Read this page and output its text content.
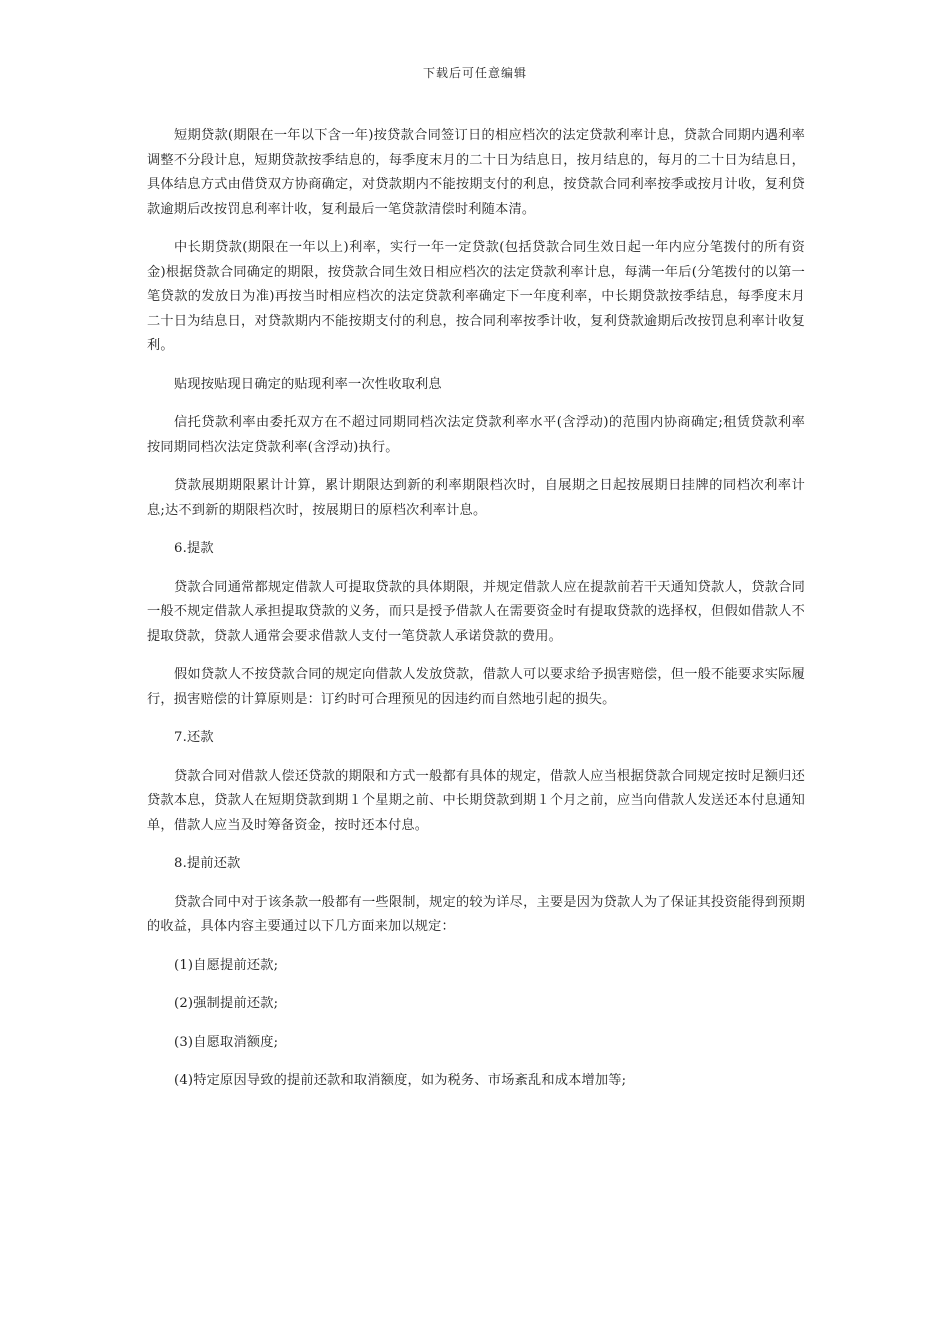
下载后可任意编辑

短期贷款(期限在一年以下含一年)按贷款合同签订日的相应档次的法定贷款利率计息，贷款合同期内遇利率调整不分段计息，短期贷款按季结息的，每季度末月的二十日为结息日，按月结息的，每月的二十日为结息日，具体结息方式由借贷双方协商确定，对贷款期内不能按期支付的利息，按贷款合同利率按季或按月计收，复利贷款逾期后改按罚息利率计收，复利最后一笔贷款清偿时利随本清。

中长期贷款(期限在一年以上)利率，实行一年一定贷款(包括贷款合同生效日起一年内应分笔拨付的所有资金)根据贷款合同确定的期限，按贷款合同生效日相应档次的法定贷款利率计息，每满一年后(分笔拨付的以第一笔贷款的发放日为准)再按当时相应档次的法定贷款利率确定下一年度利率，中长期贷款按季结息，每季度末月二十日为结息日，对贷款期内不能按期支付的利息，按合同利率按季计收，复利贷款逾期后改按罚息利率计收复利。

贴现按贴现日确定的贴现利率一次性收取利息

信托贷款利率由委托双方在不超过同期同档次法定贷款利率水平(含浮动)的范围内协商确定;租赁贷款利率按同期同档次法定贷款利率(含浮动)执行。

贷款展期期限累计计算，累计期限达到新的利率期限档次时，自展期之日起按展期日挂牌的同档次利率计息;达不到新的期限档次时，按展期日的原档次利率计息。

6.提款

贷款合同通常都规定借款人可提取贷款的具体期限，并规定借款人应在提款前若干天通知贷款人，贷款合同一般不规定借款人承担提取贷款的义务，而只是授予借款人在需要资金时有提取贷款的选择权，但假如借款人不提取贷款，贷款人通常会要求借款人支付一笔贷款人承诺贷款的费用。

假如贷款人不按贷款合同的规定向借款人发放贷款，借款人可以要求给予损害赔偿，但一般不能要求实际履行，损害赔偿的计算原则是：订约时可合理预见的因违约而自然地引起的损失。

7.还款

贷款合同对借款人偿还贷款的期限和方式一般都有具体的规定，借款人应当根据贷款合同规定按时足额归还贷款本息，贷款人在短期贷款到期１个星期之前、中长期贷款到期１个月之前，应当向借款人发送还本付息通知单，借款人应当及时筹备资金，按时还本付息。

8.提前还款

贷款合同中对于该条款一般都有一些限制，规定的较为详尽，主要是因为贷款人为了保证其投资能得到预期的收益，具体内容主要通过以下几方面来加以规定：

(1)自愿提前还款;

(2)强制提前还款;

(3)自愿取消额度;

(4)特定原因导致的提前还款和取消额度，如为税务、市场紊乱和成本增加等;
